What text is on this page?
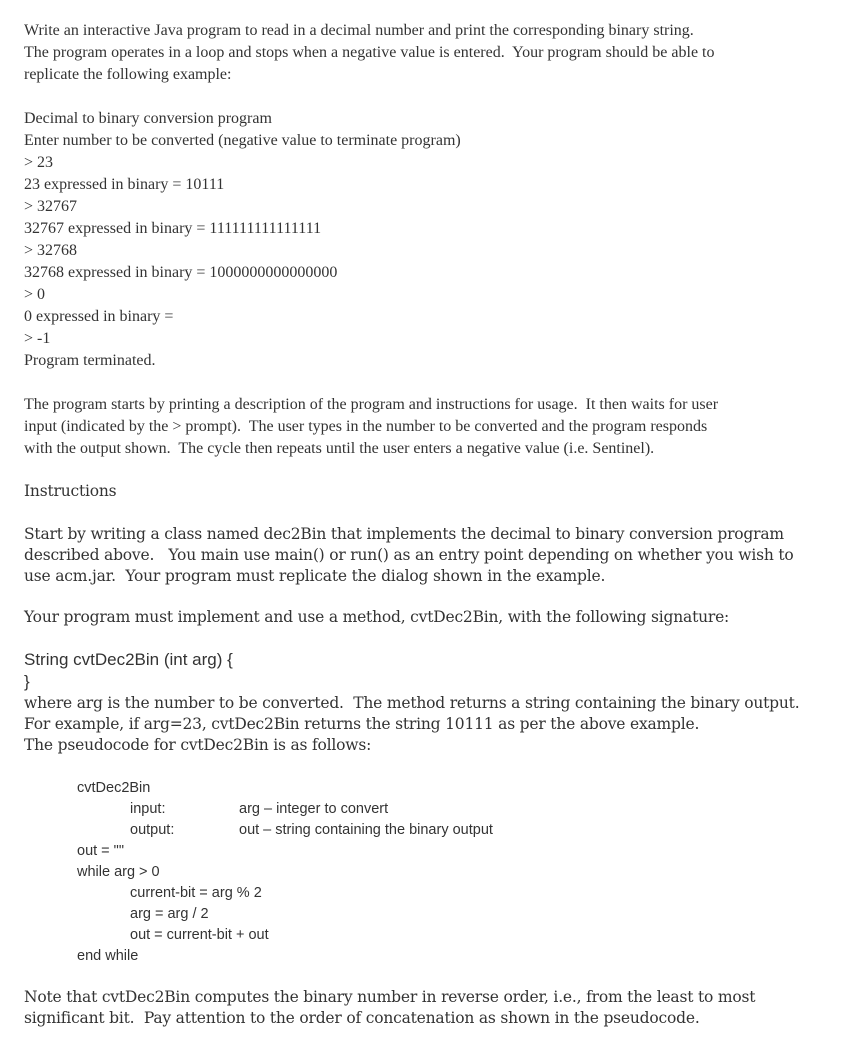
Write an interactive Java program to read in a decimal number and print the corresponding binary string.
The program operates in a loop and stops when a negative value is entered.  Your program should be able to
replicate the following example:
Decimal to binary conversion program
Enter number to be converted (negative value to terminate program)
> 23
23 expressed in binary = 10111
> 32767
32767 expressed in binary = 111111111111111
> 32768
32768 expressed in binary = 1000000000000000
> 0
0 expressed in binary =
> -1
Program terminated.
The program starts by printing a description of the program and instructions for usage.  It then waits for user
input (indicated by the > prompt).  The user types in the number to be converted and the program responds
with the output shown.  The cycle then repeats until the user enters a negative value (i.e. Sentinel).
Instructions
Start by writing a class named dec2Bin that implements the decimal to binary conversion program
described above.   You main use main() or run() as an entry point depending on whether you wish to
use acm.jar.  Your program must replicate the dialog shown in the example.
Your program must implement and use a method, cvtDec2Bin, with the following signature:
String cvtDec2Bin (int arg) {
}
where arg is the number to be converted.  The method returns a string containing the binary output.
For example, if arg=23, cvtDec2Bin returns the string 10111 as per the above example.
The pseudocode for cvtDec2Bin is as follows:
cvtDec2Bin
input:	arg – integer to convert
output:	out – string containing the binary output
out = ""
while arg > 0
current-bit = arg % 2
arg = arg / 2
out = current-bit + out
end while
Note that cvtDec2Bin computes the binary number in reverse order, i.e., from the least to most
significant bit.  Pay attention to the order of concatenation as shown in the pseudocode.
